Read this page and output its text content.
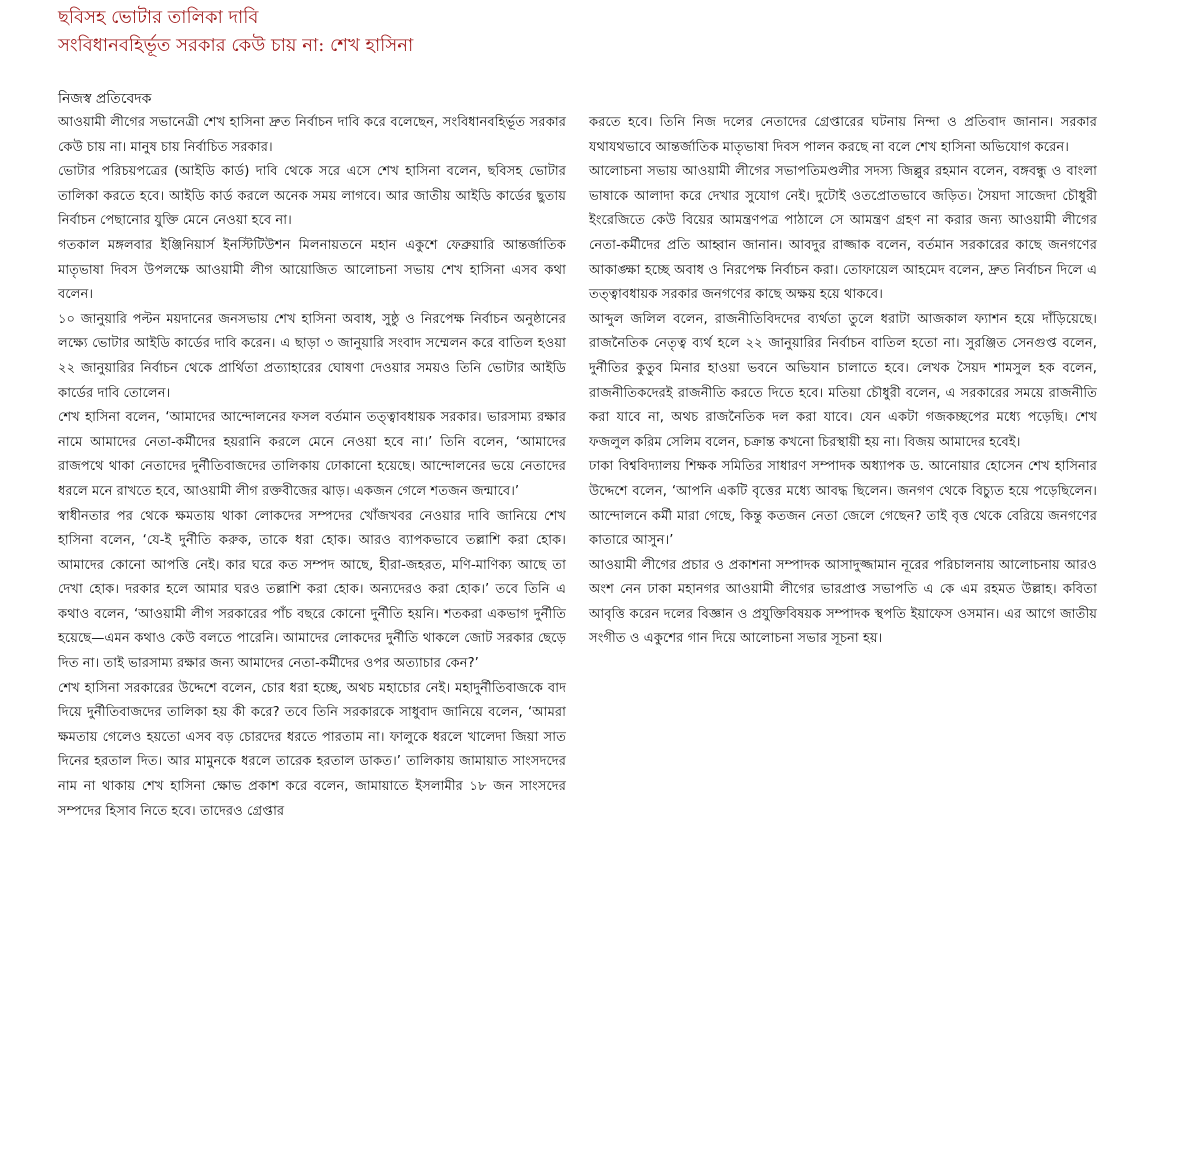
ছবিসহ ভোটার তালিকা দাবি
সংবিধানবহির্ভূত সরকার কেউ চায় না: শেখ হাসিনা
নিজস্ব প্রতিবেদক

আওয়ামী লীগের সভানেত্রী শেখ হাসিনা দ্রুত নির্বাচন দাবি করে বলেছেন, সংবিধানবহির্ভূত সরকার কেউ চায় না। মানুষ চায় নির্বাচিত সরকার।

ভোটার পরিচয়পত্রের (আইডি কার্ড) দাবি থেকে সরে এসে শেখ হাসিনা বলেন, ছবিসহ ভোটার তালিকা করতে হবে। আইডি কার্ড করলে অনেক সময় লাগবে। আর জাতীয় আইডি কার্ডের ছুতায় নির্বাচন পেছানোর যুক্তি মেনে নেওয়া হবে না।

গতকাল মঙ্গলবার ইঞ্জিনিয়ার্স ইনস্টিটিউশন মিলনায়তনে মহান একুশে ফেব্রুয়ারি আন্তর্জাতিক মাতৃভাষা দিবস উপলক্ষে আওয়ামী লীগ আয়োজিত আলোচনা সভায় শেখ হাসিনা এসব কথা বলেন।

১০ জানুয়ারি পল্টন ময়দানের জনসভায় শেখ হাসিনা অবাধ, সুষ্ঠু ও নিরপেক্ষ নির্বাচন অনুষ্ঠানের লক্ষ্যে ভোটার আইডি কার্ডের দাবি করেন। এ ছাড়া ৩ জানুয়ারি সংবাদ সম্মেলন করে বাতিল হওয়া ২২ জানুয়ারির নির্বাচন থেকে প্রার্থিতা প্রত্যাহারের ঘোষণা দেওয়ার সময়ও তিনি ভোটার আইডি কার্ডের দাবি তোলেন।

শেখ হাসিনা বলেন, ‘আমাদের আন্দোলনের ফসল বর্তমান তত্ত্বাবধায়ক সরকার। ভারসাম্য রক্ষার নামে আমাদের নেতা-কর্মীদের হয়রানি করলে মেনে নেওয়া হবে না।’ তিনি বলেন, ‘আমাদের রাজপথে থাকা নেতাদের দুর্নীতিবাজদের তালিকায় ঢোকানো হয়েছে। আন্দোলনের ভয়ে নেতাদের ধরলে মনে রাখতে হবে, আওয়ামী লীগ রক্তবীজের ঝাড়। একজন গেলে শতজন জন্মাবে।’

স্বাধীনতার পর থেকে ক্ষমতায় থাকা লোকদের সম্পদের খোঁজখবর নেওয়ার দাবি জানিয়ে শেখ হাসিনা বলেন, ‘যে-ই দুর্নীতি করুক, তাকে ধরা হোক। আরও ব্যাপকভাবে তল্লাশি করা হোক। আমাদের কোনো আপত্তি নেই। কার ঘরে কত সম্পদ আছে, হীরা-জহরত, মণি-মাণিক্য আছে তা দেখা হোক। দরকার হলে আমার ঘরও তল্লাশি করা হোক। অন্যদেরও করা হোক।’ তবে তিনি এ কথাও বলেন, ‘আওয়ামী লীগ সরকারের পাঁচ বছরে কোনো দুর্নীতি হয়নি। শতকরা একভাগ দুর্নীতি হয়েছে—এমন কথাও কেউ বলতে পারেনি। আমাদের লোকদের দুর্নীতি থাকলে জোট সরকার ছেড়ে দিত না। তাই ভারসাম্য রক্ষার জন্য আমাদের নেতা-কর্মীদের ওপর অত্যাচার কেন?’

শেখ হাসিনা সরকারের উদ্দেশে বলেন, চোর ধরা হচ্ছে, অথচ মহাচোর নেই। মহাদুর্নীতিবাজকে বাদ দিয়ে দুর্নীতিবাজদের তালিকা হয় কী করে? তবে তিনি সরকারকে সাধুবাদ জানিয়ে বলেন, ‘আমরা ক্ষমতায় গেলেও হয়তো এসব বড় চোরদের ধরতে পারতাম না। ফালুকে ধরলে খালেদা জিয়া সাত দিনের হরতাল দিত। আর মামুনকে ধরলে তারেক হরতাল ডাকত।’ তালিকায় জামায়াত সাংসদদের নাম না থাকায় শেখ হাসিনা ক্ষোভ প্রকাশ করে বলেন, জামায়াতে ইসলামীর ১৮ জন সাংসদের সম্পদের হিসাব নিতে হবে। তাদেরও গ্রেপ্তার

করতে হবে। তিনি নিজ দলের নেতাদের গ্রেপ্তারের ঘটনায় নিন্দা ও প্রতিবাদ জানান। সরকার যথাযথভাবে আন্তর্জাতিক মাতৃভাষা দিবস পালন করছে না বলে শেখ হাসিনা অভিযোগ করেন।

আলোচনা সভায় আওয়ামী লীগের সভাপতিমণ্ডলীর সদস্য জিল্লুর রহমান বলেন, বঙ্গবন্ধু ও বাংলা ভাষাকে আলাদা করে দেখার সুযোগ নেই। দুটোই ওতপ্রোতভাবে জড়িত। সৈয়দা সাজেদা চৌধুরী ইংরেজিতে কেউ বিয়ের আমন্ত্রণপত্র পাঠালে সে আমন্ত্রণ গ্রহণ না করার জন্য আওয়ামী লীগের নেতা-কর্মীদের প্রতি আহ্বান জানান। আবদুর রাজ্জাক বলেন, বর্তমান সরকারের কাছে জনগণের আকাঙ্ক্ষা হচ্ছে অবাধ ও নিরপেক্ষ নির্বাচন করা। তোফায়েল আহমেদ বলেন, দ্রুত নির্বাচন দিলে এ তত্ত্বাবধায়ক সরকার জনগণের কাছে অক্ষয় হয়ে থাকবে।

আব্দুল জলিল বলেন, রাজনীতিবিদদের ব্যর্থতা তুলে ধরাটা আজকাল ফ্যাশন হয়ে দাঁড়িয়েছে। রাজনৈতিক নেতৃত্ব ব্যর্থ হলে ২২ জানুয়ারির নির্বাচন বাতিল হতো না। সুরঞ্জিত সেনগুপ্ত বলেন, দুর্নীতির কুতুব মিনার হাওয়া ভবনে অভিযান চালাতে হবে। লেখক সৈয়দ শামসুল হক বলেন, রাজনীতিকদেরই রাজনীতি করতে দিতে হবে। মতিয়া চৌধুরী বলেন, এ সরকারের সময়ে রাজনীতি করা যাবে না, অথচ রাজনৈতিক দল করা যাবে। যেন একটা গজকচ্ছপের মধ্যে পড়েছি। শেখ ফজলুল করিম সেলিম বলেন, চক্রান্ত কখনো চিরস্থায়ী হয় না। বিজয় আমাদের হবেই।

ঢাকা বিশ্ববিদ্যালয় শিক্ষক সমিতির সাধারণ সম্পাদক অধ্যাপক ড. আনোয়ার হোসেন শেখ হাসিনার উদ্দেশে বলেন, ‘আপনি একটি বৃত্তের মধ্যে আবদ্ধ ছিলেন। জনগণ থেকে বিচ্যুত হয়ে পড়েছিলেন। আন্দোলনে কর্মী মারা গেছে, কিন্তু কতজন নেতা জেলে গেছেন? তাই বৃত্ত থেকে বেরিয়ে জনগণের কাতারে আসুন।’

আওয়ামী লীগের প্রচার ও প্রকাশনা সম্পাদক আসাদুজ্জামান নূরের পরিচালনায় আলোচনায় আরও অংশ নেন ঢাকা মহানগর আওয়ামী লীগের ভারপ্রাপ্ত সভাপতি এ কে এম রহমত উল্লাহ। কবিতা আবৃত্তি করেন দলের বিজ্ঞান ও প্রযুক্তিবিষয়ক সম্পাদক স্থপতি ইয়াফেস ওসমান। এর আগে জাতীয় সংগীত ও একুশের গান দিয়ে আলোচনা সভার সূচনা হয়।
